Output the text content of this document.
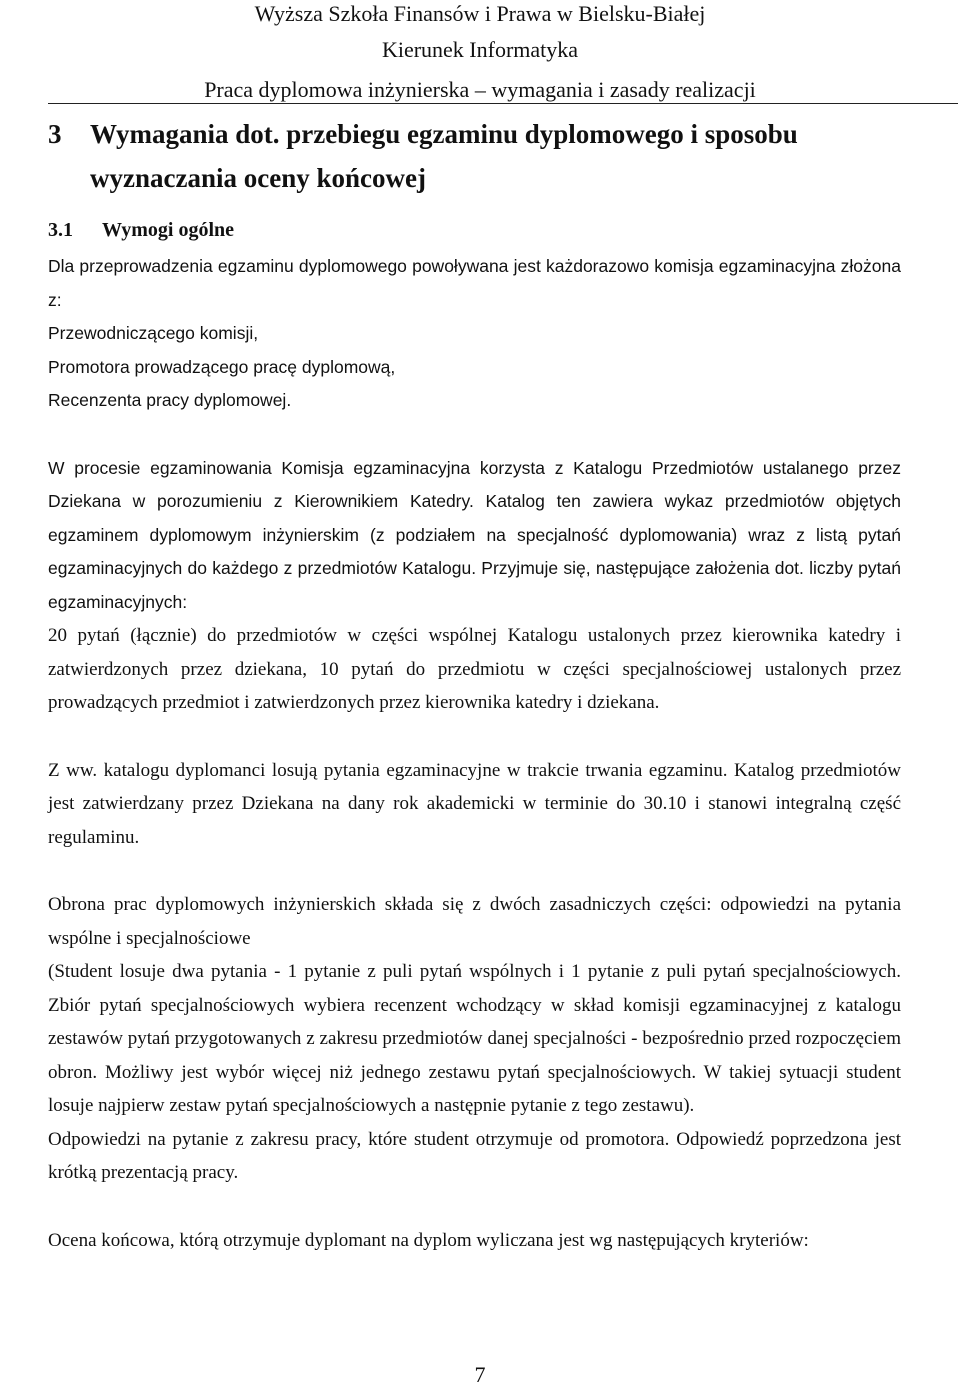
Wyższa Szkoła Finansów i Prawa w Bielsku-Białej
Kierunek Informatyka
Praca dyplomowa inżynierska – wymagania i zasady realizacji
3	Wymagania dot. przebiegu egzaminu dyplomowego i sposobu wyznaczania oceny końcowej
3.1 Wymogi ogólne

Dla przeprowadzenia egzaminu dyplomowego powoływana jest każdorazowo komisja egzaminacyjna złożona z:

Przewodniczącego komisji,

Promotora prowadzącego pracę dyplomową,

Recenzenta pracy dyplomowej.

W procesie egzaminowania Komisja egzaminacyjna korzysta z Katalogu Przedmiotów ustalanego przez Dziekana w porozumieniu z Kierownikiem Katedry. Katalog ten zawiera wykaz przedmiotów objętych egzaminem dyplomowym inżynierskim (z podziałem na specjalność dyplomowania) wraz z listą pytań egzaminacyjnych do każdego z przedmiotów Katalogu. Przyjmuje się, następujące założenia dot. liczby pytań egzaminacyjnych:

20 pytań (łącznie) do przedmiotów w części wspólnej Katalogu ustalonych przez kierownika katedry i zatwierdzonych przez dziekana, 10 pytań do przedmiotu w części specjalnościowej ustalonych przez prowadzących przedmiot i zatwierdzonych przez kierownika katedry i dziekana.

Z ww. katalogu dyplomanci losują pytania egzaminacyjne w trakcie trwania egzaminu. Katalog przedmiotów jest zatwierdzany przez Dziekana na dany rok akademicki w terminie do 30.10 i stanowi integralną część regulaminu.

Obrona prac dyplomowych inżynierskich składa się z dwóch zasadniczych części: odpowiedzi na pytania wspólne i specjalnościowe

(Student losuje dwa pytania - 1 pytanie z puli pytań wspólnych i 1 pytanie z puli pytań specjalnościowych. Zbiór pytań specjalnościowych wybiera recenzent wchodzący w skład komisji egzaminacyjnej z katalogu zestawów pytań przygotowanych z zakresu przedmiotów danej specjalności - bezpośrednio przed rozpoczęciem obron. Możliwy jest wybór więcej niż jednego zestawu pytań specjalnościowych. W takiej sytuacji student losuje najpierw zestaw pytań specjalnościowych a następnie pytanie z tego zestawu).

Odpowiedzi na pytanie z zakresu pracy, które student otrzymuje od promotora. Odpowiedź poprzedzona jest krótką prezentacją pracy.

Ocena końcowa, którą otrzymuje dyplomant na dyplom wyliczana jest wg następujących kryteriów:

7
